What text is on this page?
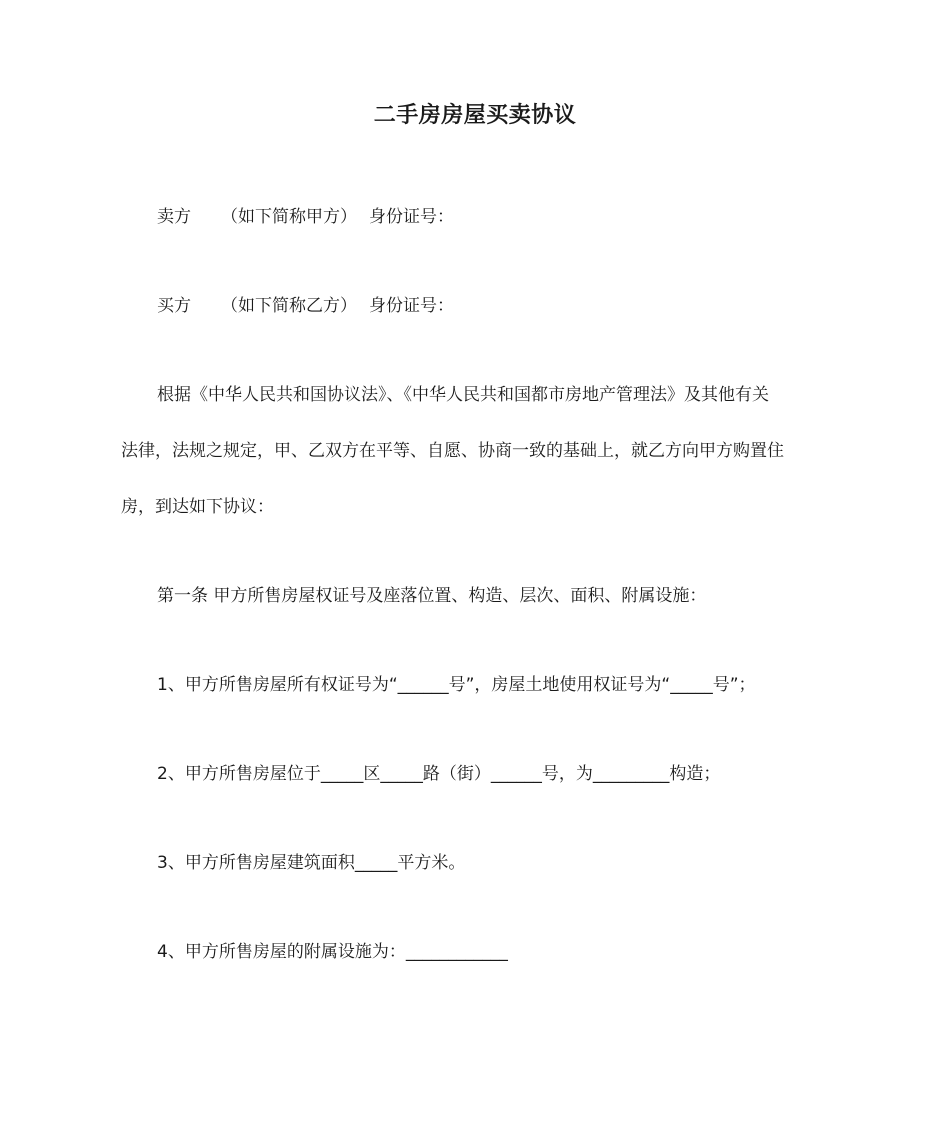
二手房房屋买卖协议
卖方 （如下简称甲方） 身份证号：
买方 （如下简称乙方） 身份证号：
根据《中华人民共和国协议法》、《中华人民共和国都市房地产管理法》及其他有关
法律，法规之规定，甲、乙双方在平等、自愿、协商一致的基础上，就乙方向甲方购置住
房，到达如下协议：
第一条 甲方所售房屋权证号及座落位置、构造、层次、面积、附属设施：
1、甲方所售房屋所有权证号为“______号”，房屋土地使用权证号为“_____号”；
2、甲方所售房屋位于_____区_____路（街）______号，为_________构造；
3、甲方所售房屋建筑面积_____平方米。
4、甲方所售房屋的附属设施为：____________
